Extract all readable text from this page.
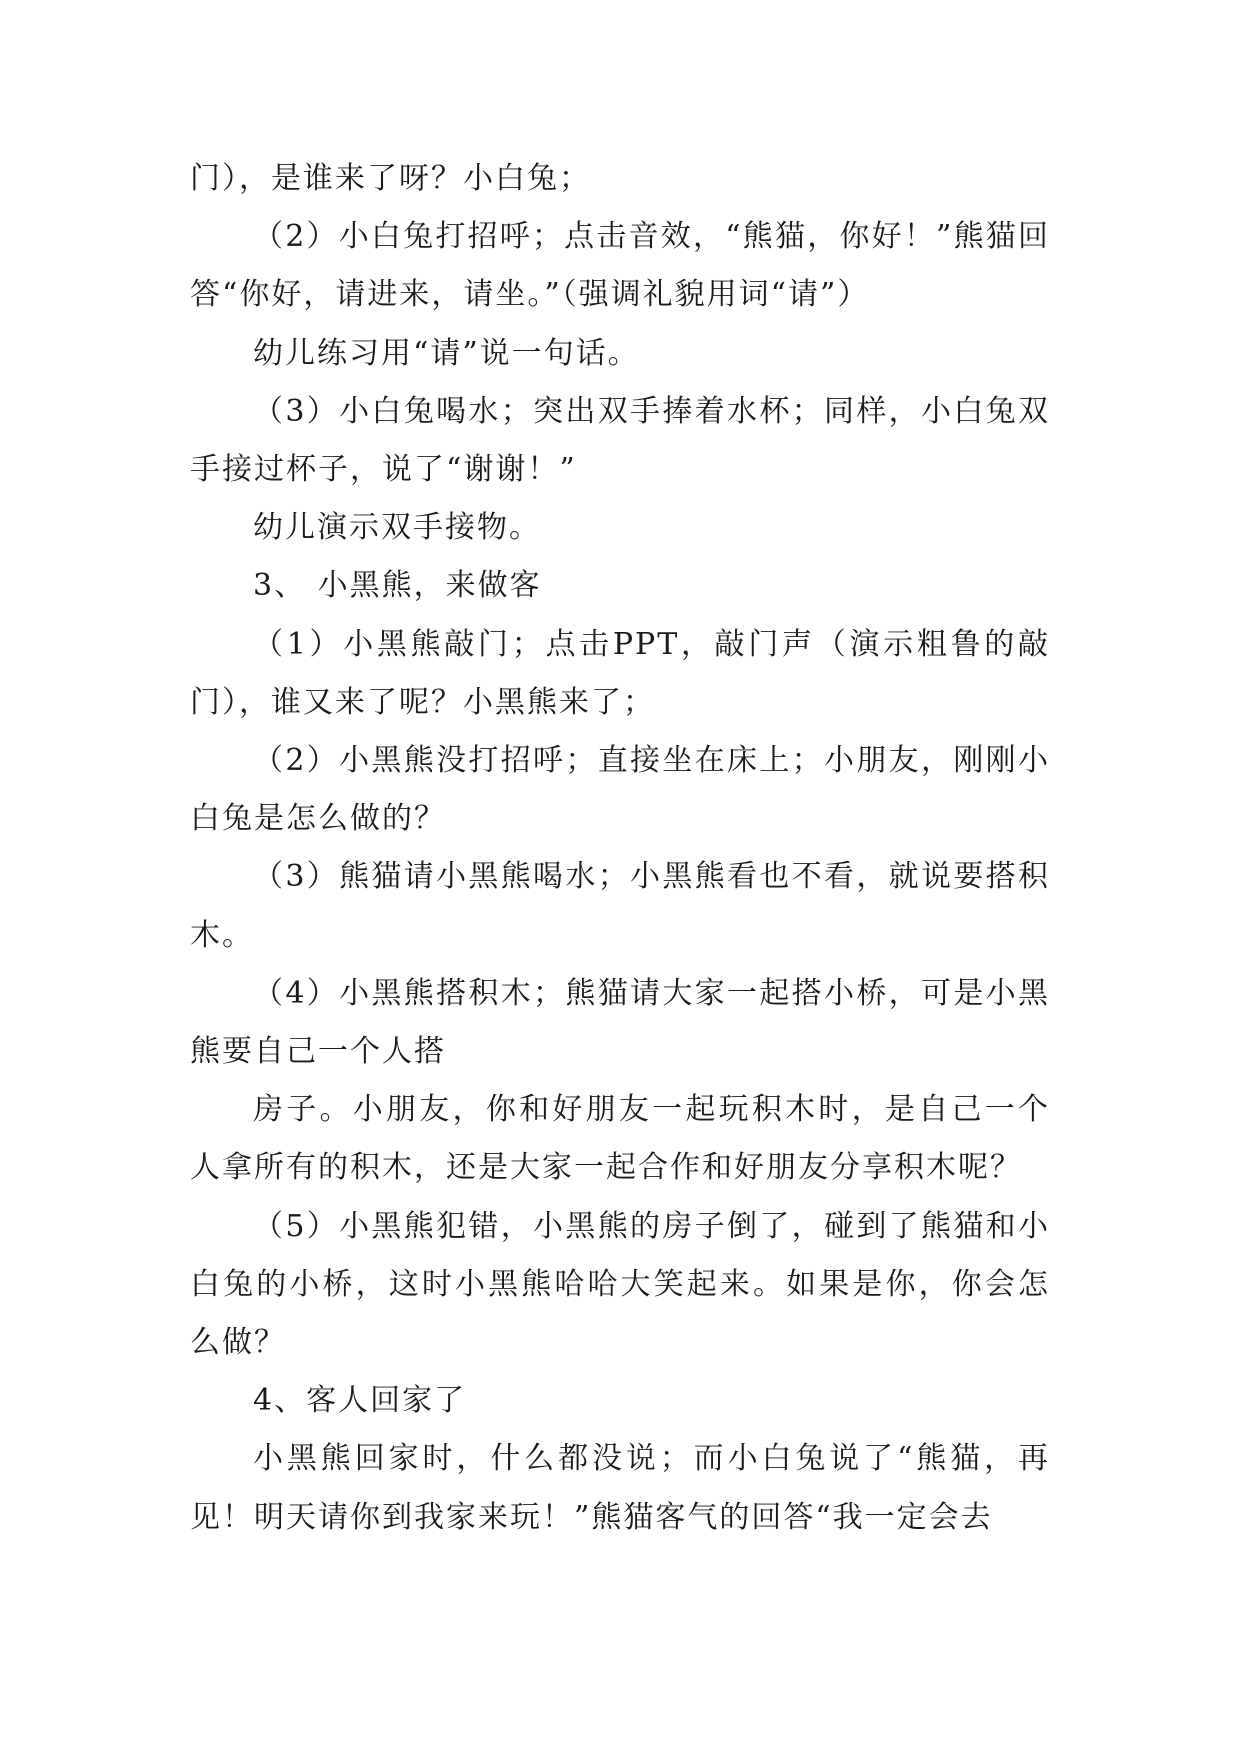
门），是谁来了呀？小白兔；

（2）小白兔打招呼；点击音效，“熊猫，你好！”熊猫回答“你好，请进来，请坐。”（强调礼貌用词“请”）

幼儿练习用“请”说一句话。

（3）小白兔喝水；突出双手捧着水杯；同样，小白兔双手接过杯子，说了“谢谢！”

幼儿演示双手接物。

3、 小黑熊，来做客

（1）小黑熊敲门；点击PPT，敲门声（演示粗鲁的敲门），谁又来了呢？小黑熊来了；

（2）小黑熊没打招呼；直接坐在床上；小朋友，刚刚小白兔是怎么做的？

（3）熊猫请小黑熊喝水；小黑熊看也不看，就说要搭积木。

（4）小黑熊搭积木；熊猫请大家一起搭小桥，可是小黑熊要自己一个人搭

房子。小朋友，你和好朋友一起玩积木时，是自己一个人拿所有的积木，还是大家一起合作和好朋友分享积木呢？

（5）小黑熊犯错，小黑熊的房子倒了，碰到了熊猫和小白兔的小桥，这时小黑熊哈哈大笑起来。如果是你，你会怎么做？

4、客人回家了

小黑熊回家时，什么都没说；而小白兔说了“熊猫，再见！明天请你到我家来玩！”熊猫客气的回答“我一定会去
